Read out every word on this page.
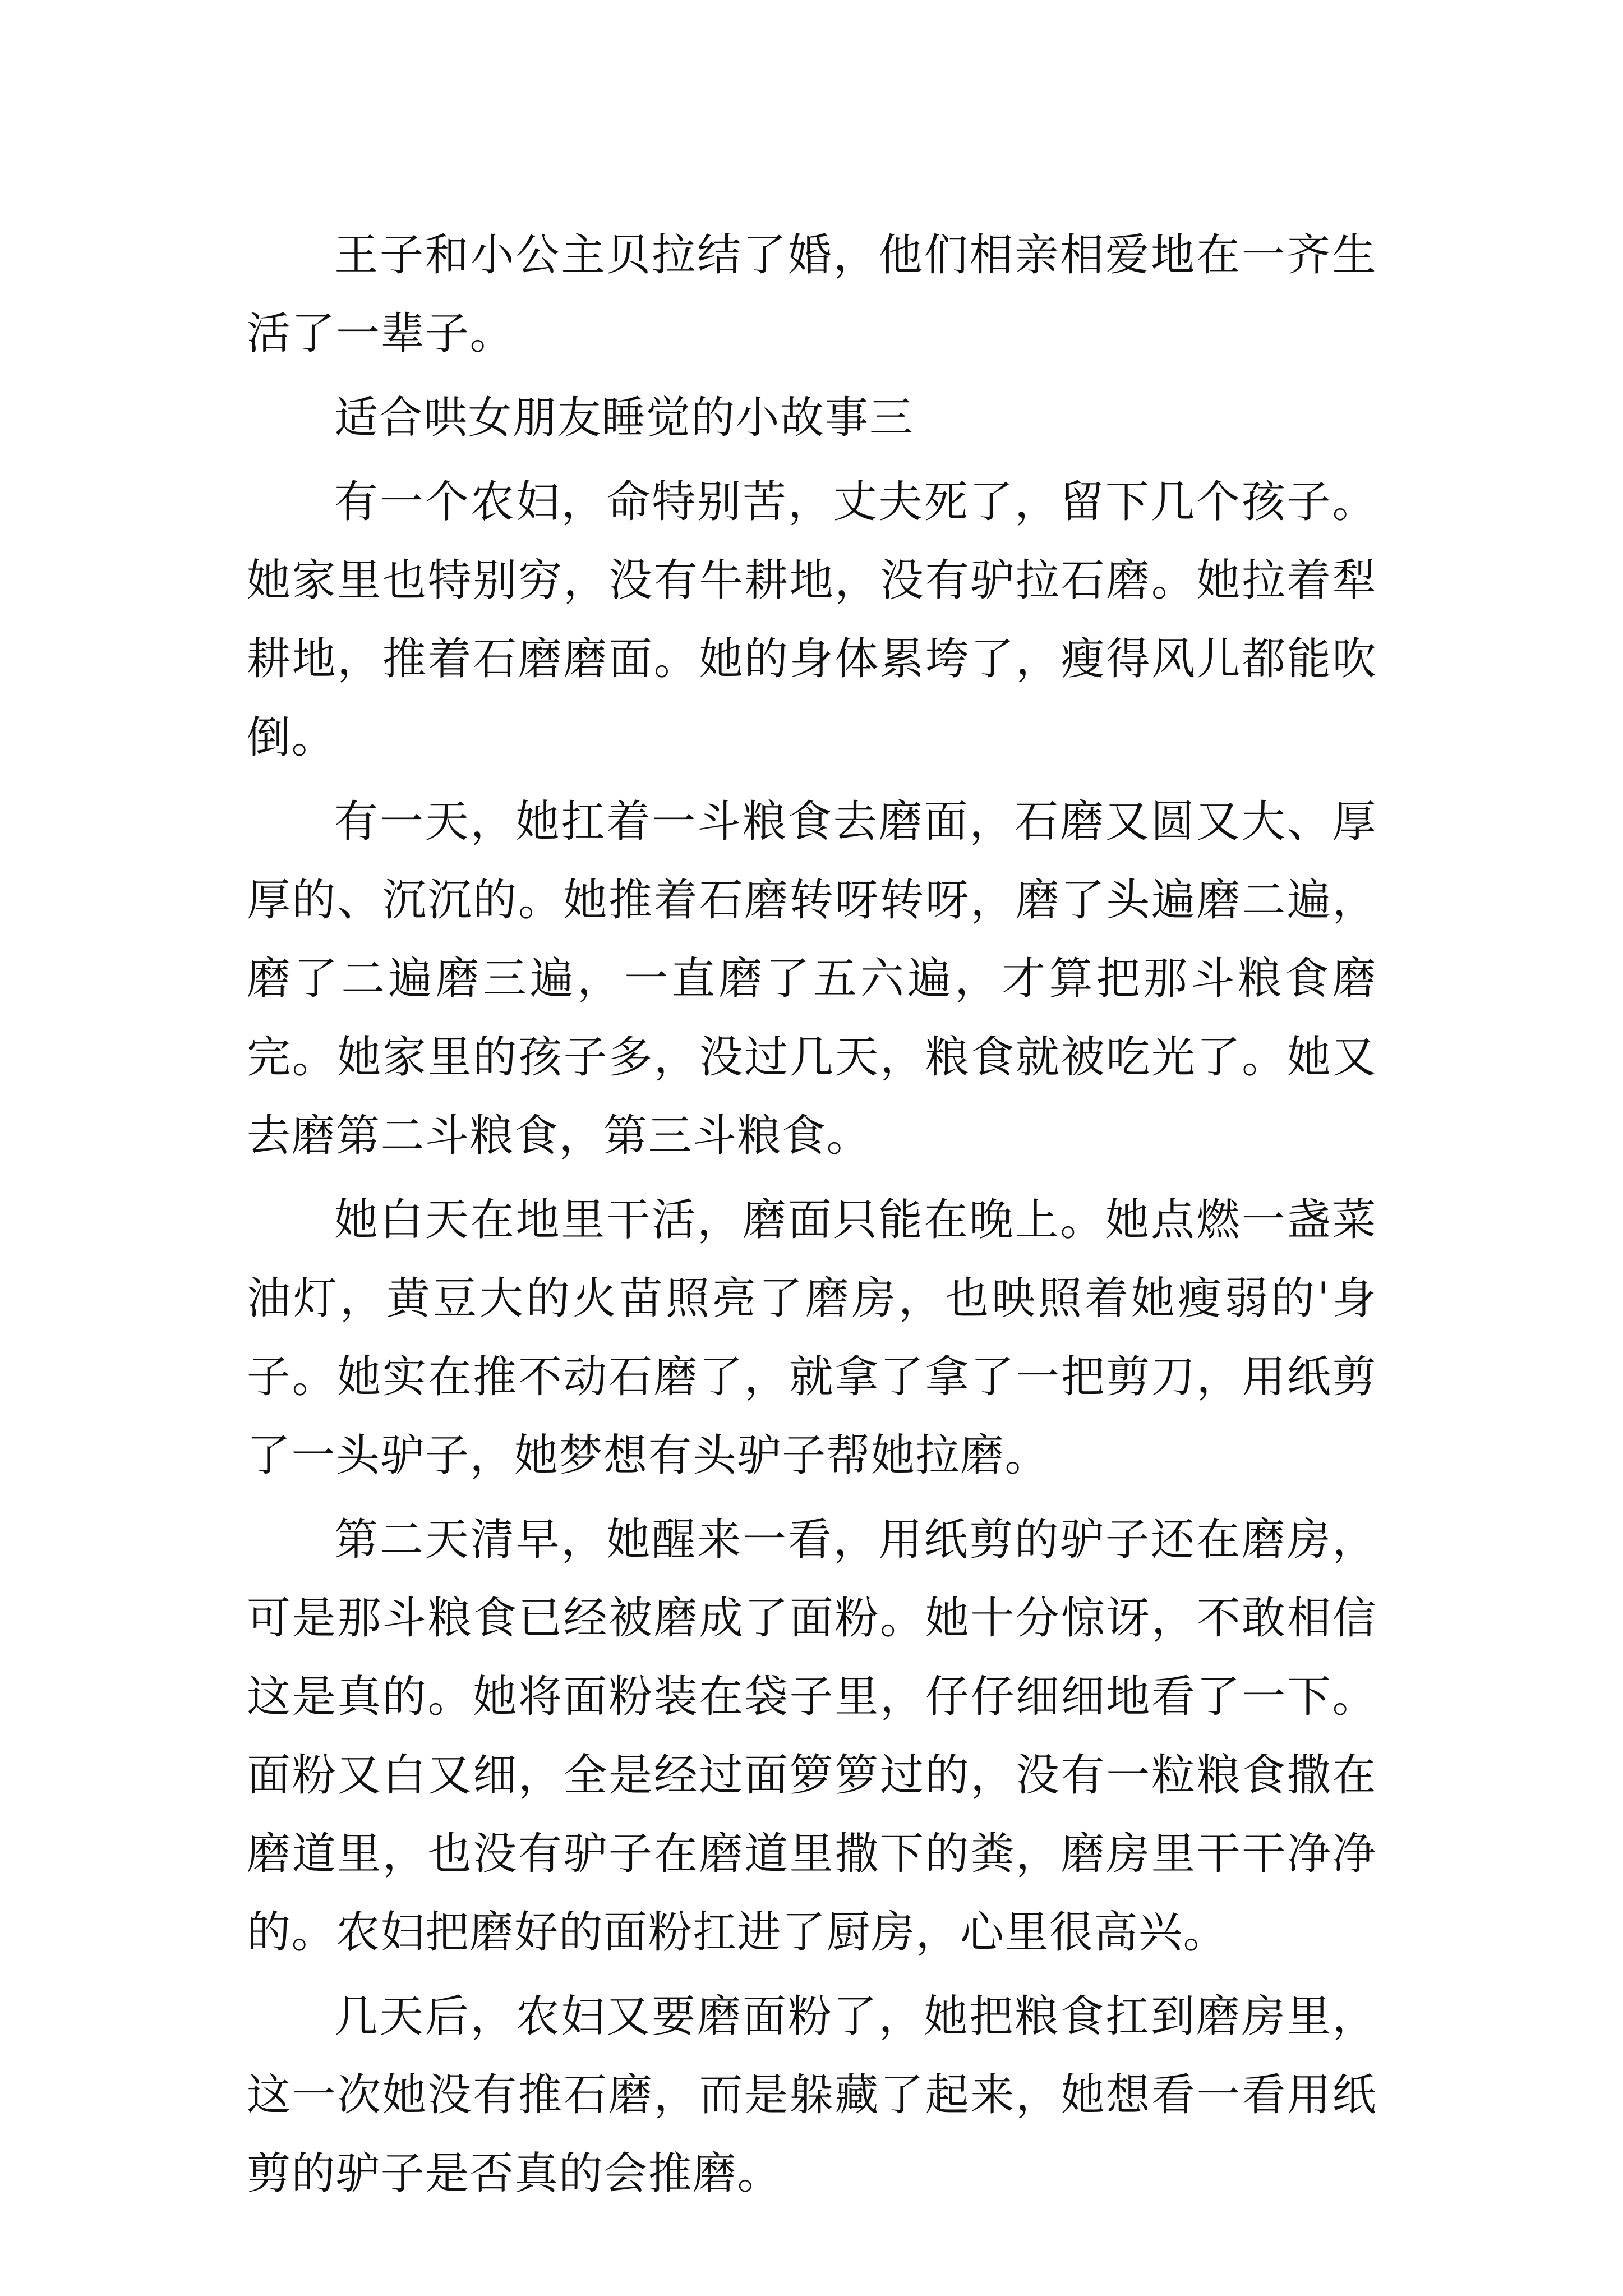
王子和小公主贝拉结了婚，他们相亲相爱地在一齐生活了一辈子。

适合哄女朋友睡觉的小故事三

有一个农妇，命特别苦，丈夫死了，留下几个孩子。她家里也特别穷，没有牛耕地，没有驴拉石磨。她拉着犁耕地，推着石磨磨面。她的身体累垮了，瘦得风儿都能吹倒。

有一天，她扛着一斗粮食去磨面，石磨又圆又大、厚厚的、沉沉的。她推着石磨转呀转呀，磨了头遍磨二遍，磨了二遍磨三遍，一直磨了五六遍，才算把那斗粮食磨完。她家里的孩子多，没过几天，粮食就被吃光了。她又去磨第二斗粮食，第三斗粮食。

她白天在地里干活，磨面只能在晚上。她点燃一盏菜油灯，黄豆大的火苗照亮了磨房，也映照着她瘦弱的'身子。她实在推不动石磨了，就拿了拿了一把剪刀，用纸剪了一头驴子，她梦想有头驴子帮她拉磨。

第二天清早，她醒来一看，用纸剪的驴子还在磨房，可是那斗粮食已经被磨成了面粉。她十分惊讶，不敢相信这是真的。她将面粉装在袋子里，仔仔细细地看了一下。面粉又白又细，全是经过面箩箩过的，没有一粒粮食撒在磨道里，也没有驴子在磨道里撒下的粪，磨房里干干净净的。农妇把磨好的面粉扛进了厨房，心里很高兴。

几天后，农妇又要磨面粉了，她把粮食扛到磨房里，这一次她没有推石磨，而是躲藏了起来，她想看一看用纸剪的驴子是否真的会推磨。
